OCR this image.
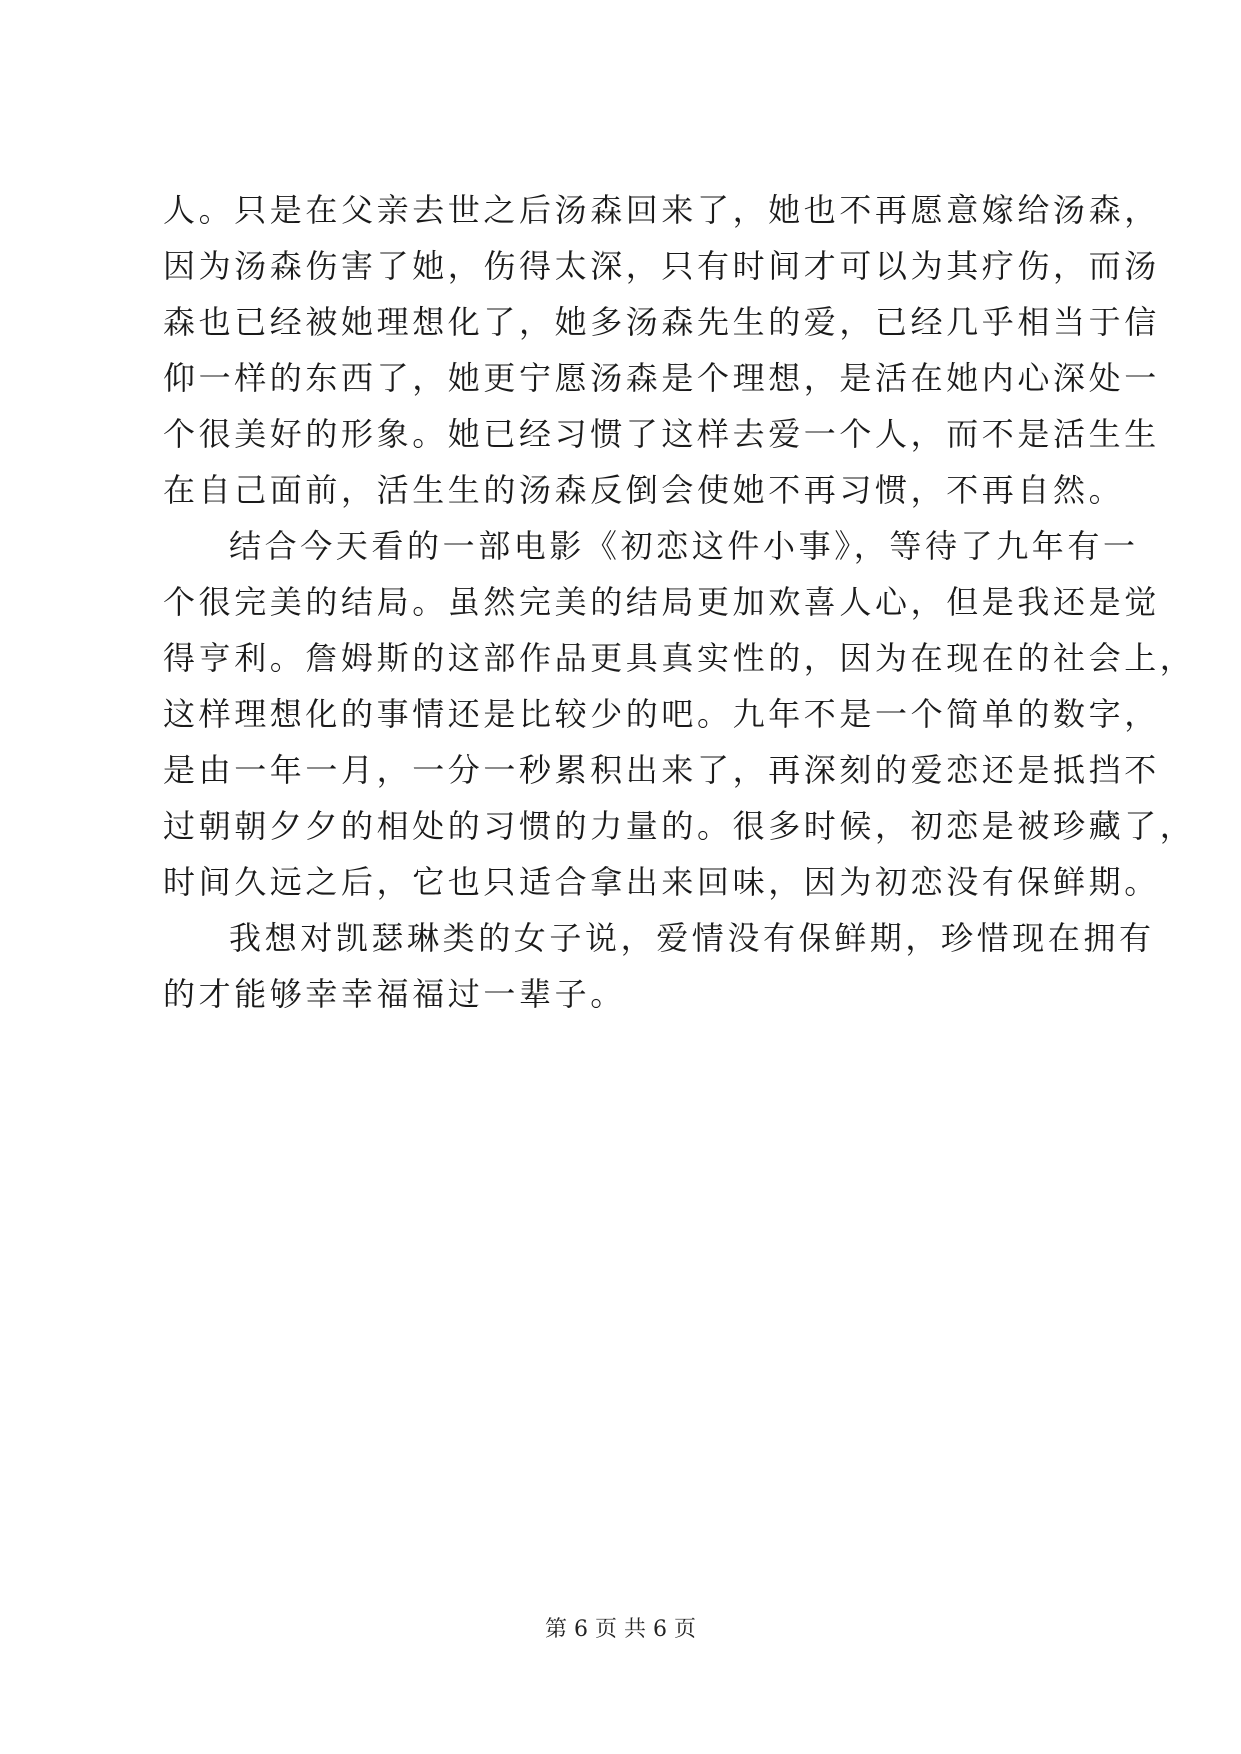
人。只是在父亲去世之后汤森回来了，她也不再愿意嫁给汤森，
因为汤森伤害了她，伤得太深，只有时间才可以为其疗伤，而汤
森也已经被她理想化了，她多汤森先生的爱，已经几乎相当于信
仰一样的东西了，她更宁愿汤森是个理想，是活在她内心深处一
个很美好的形象。她已经习惯了这样去爱一个人，而不是活生生
在自己面前，活生生的汤森反倒会使她不再习惯，不再自然。
结合今天看的一部电影《初恋这件小事》，等待了九年有一
个很完美的结局。虽然完美的结局更加欢喜人心，但是我还是觉
得亨利。詹姆斯的这部作品更具真实性的，因为在现在的社会上，
这样理想化的事情还是比较少的吧。九年不是一个简单的数字，
是由一年一月，一分一秒累积出来了，再深刻的爱恋还是抵挡不
过朝朝夕夕的相处的习惯的力量的。很多时候，初恋是被珍藏了，
时间久远之后，它也只适合拿出来回味，因为初恋没有保鲜期。
我想对凯瑟琳类的女子说，爱情没有保鲜期，珍惜现在拥有
的才能够幸幸福福过一辈子。
第 6 页 共 6 页
